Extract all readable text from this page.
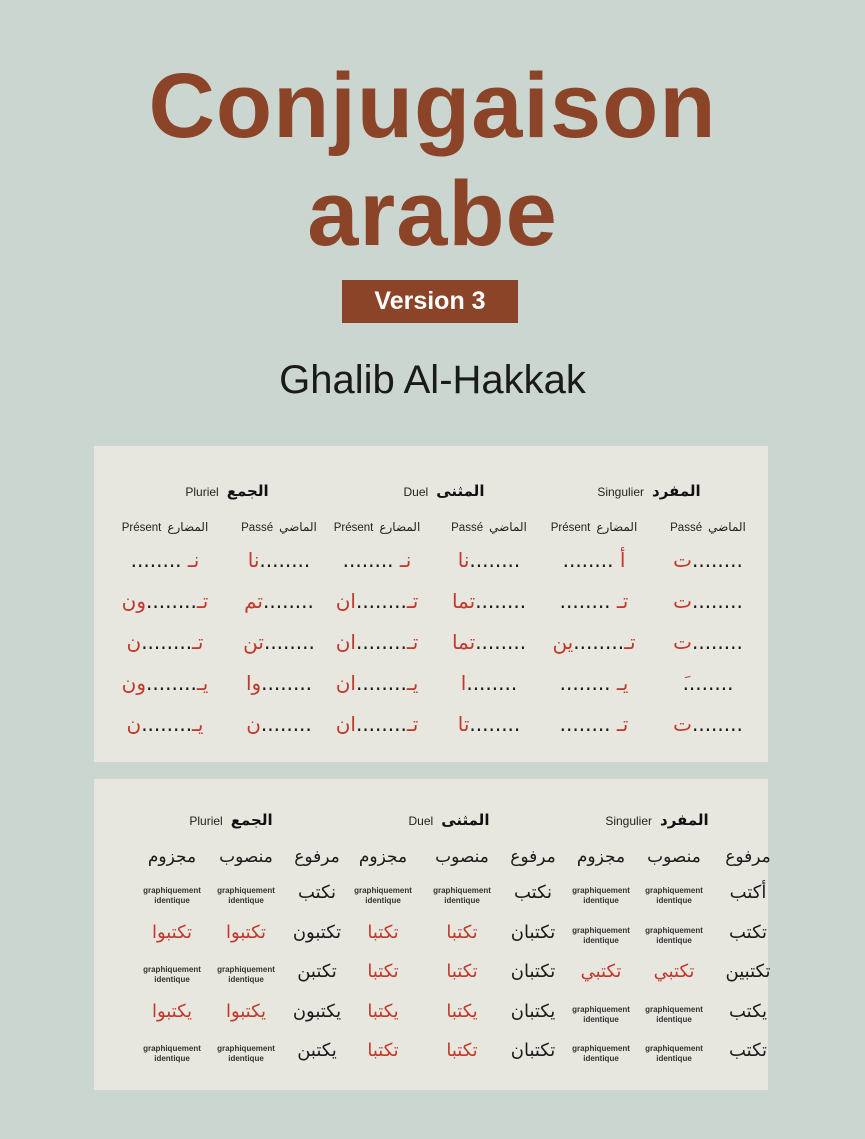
Conjugaison
arabe
Version 3
Ghalib Al-Hakkak
Singulier المفرد
Duel المثنى
Pluriel الجمع
Passé الماضي
Présent المضارع
Passé الماضي
Présent المضارع
Passé الماضي
Présent المضارع
........ت
أ ........
........نا
نـ ........
........نا
نـ ........
........ت
تـ ........
........تما
تـ........ان
........تم
تـ........ون
........ت
تـ........ين
........تما
تـ........ان
........تن
تـ........ن
........
يـ ........
........ا
يـ........ان
........وا
يـ........ون
........ت
تـ ........
........تا
تـ........ان
........ن
يـ........ن
Singulier المفرد
Duel المثنى
Pluriel الجمع
مرفوع
منصوب
مجزوم
مرفوع
منصوب
مجزوم
مرفوع
منصوب
مجزوم
أكتب
graphiquement
identique
graphiquement
identique
نكتب
graphiquement
identique
graphiquement
identique
نكتب
graphiquement
identique
graphiquement
identique
تكتب
graphiquement
identique
graphiquement
identique
تكتبان
تكتبا
تكتبا
تكتبون
تكتبوا
تكتبوا
تكتبين
تكتبي
تكتبي
تكتبان
تكتبا
تكتبا
تكتبن
graphiquement
identique
graphiquement
identique
يكتب
graphiquement
identique
graphiquement
identique
يكتبان
يكتبا
يكتبا
يكتبون
يكتبوا
يكتبوا
تكتب
graphiquement
identique
graphiquement
identique
تكتبان
تكتبا
تكتبا
يكتبن
graphiquement
identique
graphiquement
identique
